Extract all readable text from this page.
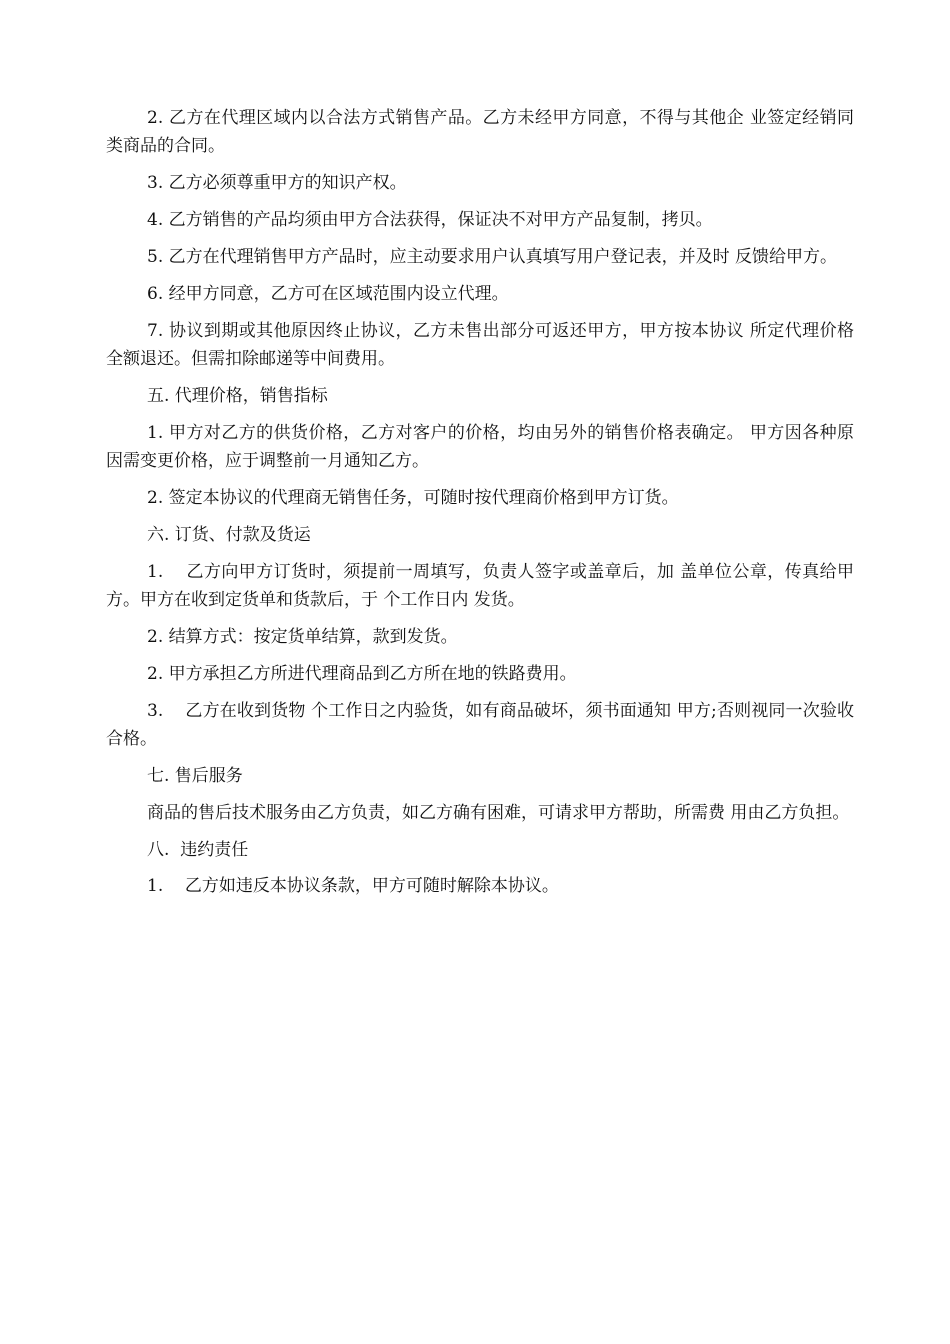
2. 乙方在代理区域内以合法方式销售产品。乙方未经甲方同意，不得与其他企 业签定经销同类商品的合同。

3. 乙方必须尊重甲方的知识产权。

4. 乙方销售的产品均须由甲方合法获得，保证决不对甲方产品复制，拷贝。

5. 乙方在代理销售甲方产品时，应主动要求用户认真填写用户登记表，并及时 反馈给甲方。

6. 经甲方同意，乙方可在区域范围内设立代理。

7. 协议到期或其他原因终止协议，乙方未售出部分可返还甲方，甲方按本协议 所定代理价格全额退还。但需扣除邮递等中间费用。

五. 代理价格，销售指标

1. 甲方对乙方的供货价格，乙方对客户的价格，均由另外的销售价格表确定。 甲方因各种原因需变更价格，应于调整前一月通知乙方。

2. 签定本协议的代理商无销售任务，可随时按代理商价格到甲方订货。

六. 订货、付款及货运

1.    乙方向甲方订货时，须提前一周填写，负责人签字或盖章后，加 盖单位公章，传真给甲方。甲方在收到定货单和货款后，于 个工作日内 发货。

2. 结算方式：按定货单结算，款到发货。

2. 甲方承担乙方所进代理商品到乙方所在地的铁路费用。

3.    乙方在收到货物 个工作日之内验货，如有商品破坏，须书面通知 甲方;否则视同一次验收合格。

七. 售后服务

商品的售后技术服务由乙方负责，如乙方确有困难，可请求甲方帮助，所需费 用由乙方负担。

八.  违约责任

1.    乙方如违反本协议条款，甲方可随时解除本协议。
